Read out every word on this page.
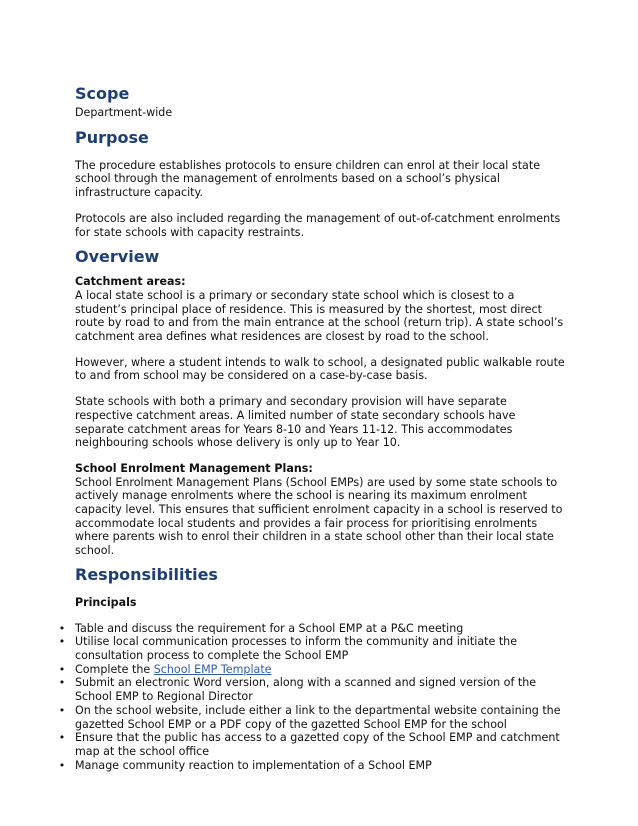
Scope

Department-wide

Purpose

The procedure establishes protocols to ensure children can enrol at their local state school through the management of enrolments based on a school’s physical infrastructure capacity.

Protocols are also included regarding the management of out-of-catchment enrolments for state schools with capacity restraints.

Overview
Catchment areas:

A local state school is a primary or secondary state school which is closest to a student’s principal place of residence. This is measured by the shortest, most direct route by road to and from the main entrance at the school (return trip). A state school’s catchment area defines what residences are closest by road to the school.

However, where a student intends to walk to school, a designated public walkable route to and from school may be considered on a case-by-case basis.

State schools with both a primary and secondary provision will have separate respective catchment areas. A limited number of state secondary schools have separate catchment areas for Years 8-10 and Years 11-12. This accommodates neighbouring schools whose delivery is only up to Year 10.

School Enrolment Management Plans:

School Enrolment Management Plans (School EMPs) are used by some state schools to actively manage enrolments where the school is nearing its maximum enrolment capacity level. This ensures that sufficient enrolment capacity in a school is reserved to accommodate local students and provides a fair process for prioritising enrolments where parents wish to enrol their children in a state school other than their local state school.

Responsibilities
Principals
• Table and discuss the requirement for a School EMP at a P&C meeting
• Utilise local communication processes to inform the community and initiate the consultation process to complete the School EMP
• Complete the School EMP Template
• Submit an electronic Word version, along with a scanned and signed version of the School EMP to Regional Director
• On the school website, include either a link to the departmental website containing the gazetted School EMP or a PDF copy of the gazetted School EMP for the school
• Ensure that the public has access to a gazetted copy of the School EMP and catchment map at the school office
• Manage community reaction to implementation of a School EMP
